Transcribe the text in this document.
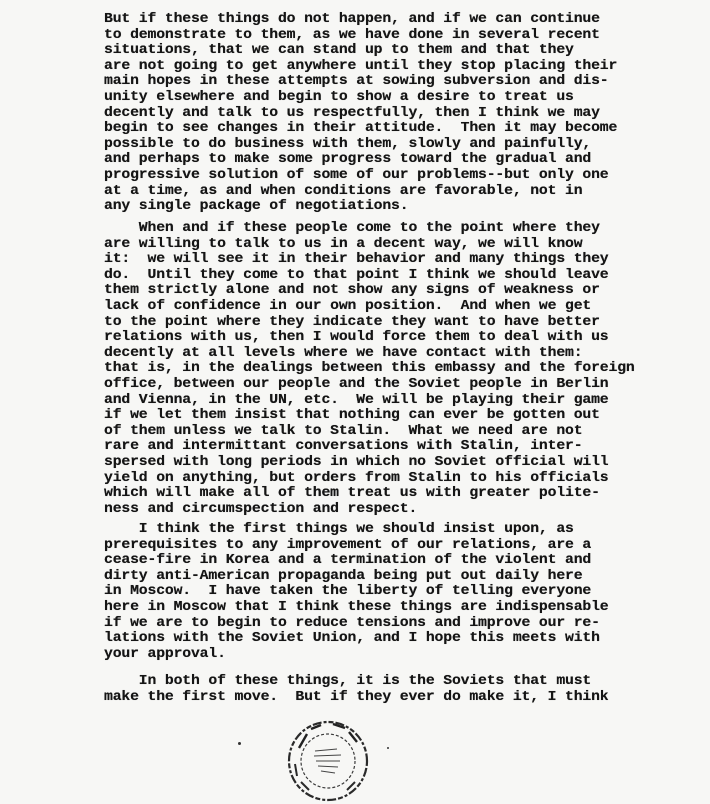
But if these things do not happen, and if we can continue
to demonstrate to them, as we have done in several recent
situations, that we can stand up to them and that they
are not going to get anywhere until they stop placing their
main hopes in these attempts at sowing subversion and dis-
unity elsewhere and begin to show a desire to treat us
decently and talk to us respectfully, then I think we may
begin to see changes in their attitude.  Then it may become
possible to do business with them, slowly and painfully,
and perhaps to make some progress toward the gradual and
progressive solution of some of our problems--but only one
at a time, as and when conditions are favorable, not in
any single package of negotiations.
When and if these people come to the point where they
are willing to talk to us in a decent way, we will know
it:  we will see it in their behavior and many things they
do.  Until they come to that point I think we should leave
them strictly alone and not show any signs of weakness or
lack of confidence in our own position.  And when we get
to the point where they indicate they want to have better
relations with us, then I would force them to deal with us
decently at all levels where we have contact with them:
that is, in the dealings between this embassy and the foreign
office, between our people and the Soviet people in Berlin
and Vienna, in the UN, etc.  We will be playing their game
if we let them insist that nothing can ever be gotten out
of them unless we talk to Stalin.  What we need are not
rare and intermittant conversations with Stalin, inter-
spersed with long periods in which no Soviet official will
yield on anything, but orders from Stalin to his officials
which will make all of them treat us with greater polite-
ness and circumspection and respect.
I think the first things we should insist upon, as
prerequisites to any improvement of our relations, are a
cease-fire in Korea and a termination of the violent and
dirty anti-American propaganda being put out daily here
in Moscow.  I have taken the liberty of telling everyone
here in Moscow that I think these things are indispensable
if we are to begin to reduce tensions and improve our re-
lations with the Soviet Union, and I hope this meets with
your approval.
In both of these things, it is the Soviets that must
make the first move.  But if they ever do make it, I think
